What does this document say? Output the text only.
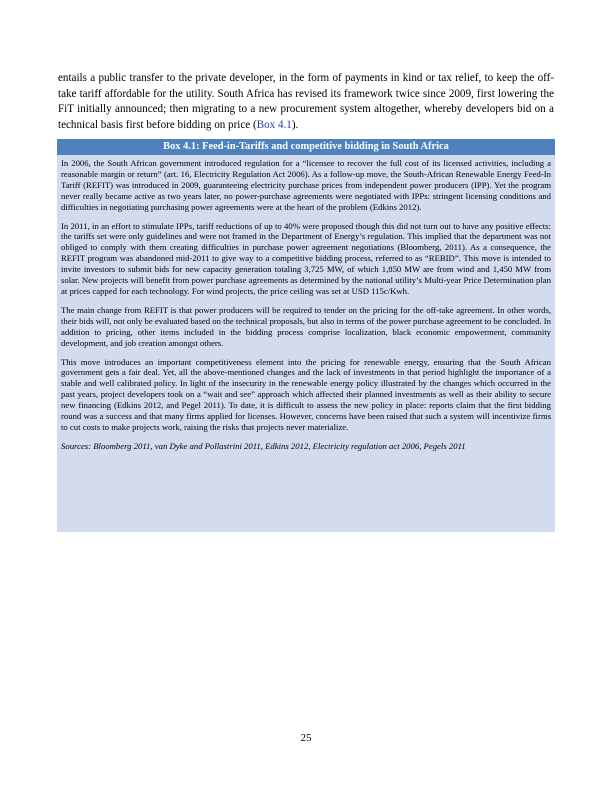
entails a public transfer to the private developer, in the form of payments in kind or tax relief, to keep the off-take tariff affordable for the utility. South Africa has revised its framework twice since 2009, first lowering the FiT initially announced; then migrating to a new procurement system altogether, whereby developers bid on a technical basis first before bidding on price (Box 4.1).

Box 4.1: Feed-in-Tariffs and competitive bidding in South Africa

In 2006, the South African government introduced regulation for a “licensee to recover the full cost of its licensed activities, including a reasonable margin or return” (art. 16, Electricity Regulation Act 2006). As a follow-up move, the South-African Renewable Energy Feed-In Tariff (REFIT) was introduced in 2009, guaranteeing electricity purchase prices from independent power producers (IPP). Yet the program never really became active as two years later, no power-purchase agreements were negotiated with IPPs: stringent licensing conditions and difficulties in negotiating purchasing power agreements were at the heart of the problem (Edkins 2012).

In 2011, in an effort to stimulate IPPs, tariff reductions of up to 40% were proposed though this did not turn out to have any positive effects: the tariffs set were only guidelines and were not framed in the Department of Energy’s regulation. This implied that the department was not obliged to comply with them creating difficulties in purchase power agreement negotiations (Bloomberg, 2011). As a consequence, the REFIT program was abandoned mid-2011 to give way to a competitive bidding process, referred to as “REBID”. This move is intended to invite investors to submit bids for new capacity generation totaling 3,725 MW, of which 1,850 MW are from wind and 1,450 MW from solar. New projects will benefit from power purchase agreements as determined by the national utility’s Multi-year Price Determination plan at prices capped for each technology. For wind projects, the price ceiling was set at USD 115c/Kwh.

The main change from REFIT is that power producers will be required to tender on the pricing for the off-take agreement. In other words, their bids will, not only be evaluated based on the technical proposals, but also in terms of the power purchase agreement to be concluded. In addition to pricing, other items included in the bidding process comprise localization, black economic empowerment, community development, and job creation amongst others.

This move introduces an important competitiveness element into the pricing for renewable energy, ensuring that the South African government gets a fair deal. Yet, all the above-mentioned changes and the lack of investments in that period highlight the importance of a stable and well calibrated policy. In light of the insecurity in the renewable energy policy illustrated by the changes which occurred in the past years, project developers took on a “wait and see” approach which affected their planned investments as well as their ability to secure new financing (Edkins 2012, and Pegel 2011). To date, it is difficult to assess the new policy in place: reports claim that the first bidding round was a success and that many firms applied for licenses. However, concerns have been raised that such a system will incentivize firms to cut costs to make projects work, raising the risks that projects never materialize.

Sources: Bloomberg 2011, van Dyke and Pollastrini 2011, Edkins 2012, Electricity regulation act 2006, Pegels 2011

25
